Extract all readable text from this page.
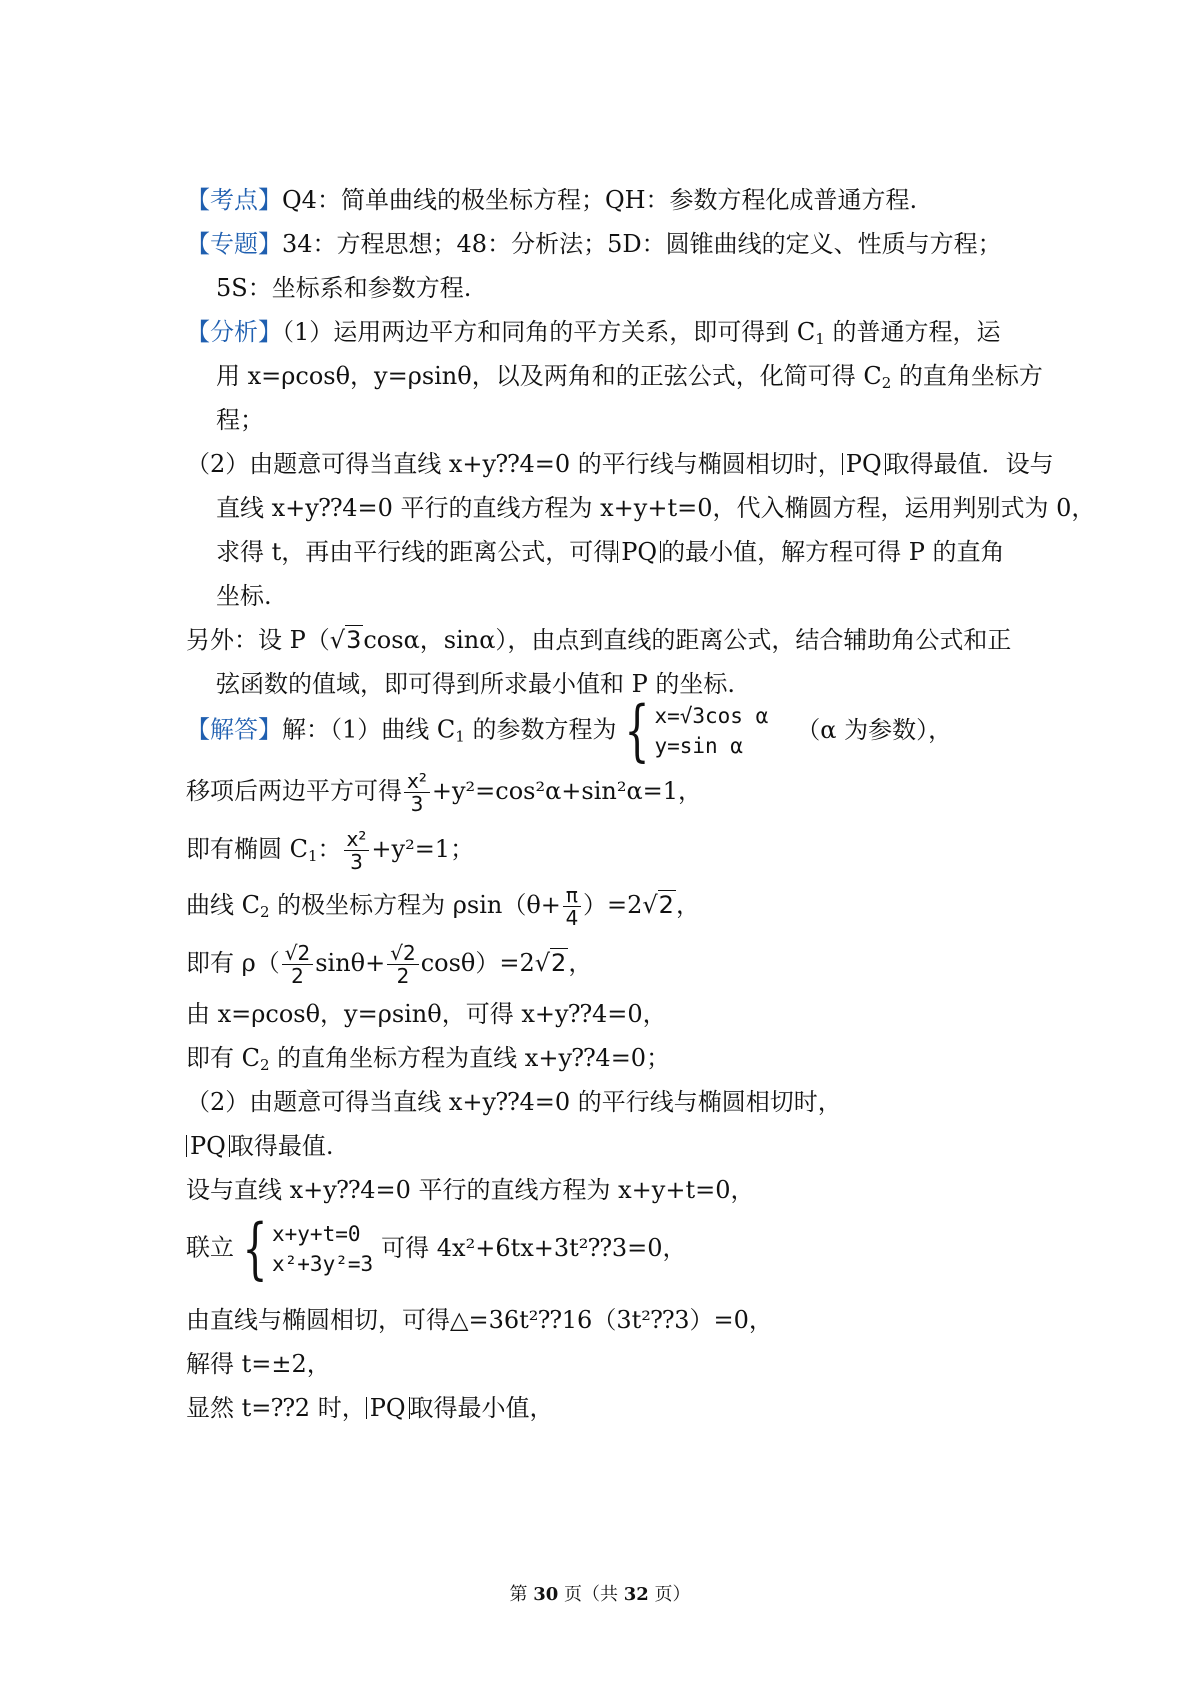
【考点】Q4：简单曲线的极坐标方程；QH：参数方程化成普通方程.
【专题】34：方程思想；48：分析法；5D：圆锥曲线的定义、性质与方程；
5S：坐标系和参数方程.
【分析】（1）运用两边平方和同角的平方关系，即可得到 $C_1$ 的普通方程，运
用 x=ρcosθ，y=ρsinθ，以及两角和的正弦公式，化简可得 $C_2$ 的直角坐标方
程；
（2）由题意可得当直线 x+y⁇4=0 的平行线与椭圆相切时， PQ 取得最值．设与
直线 x+y⁇4=0 平行的直线方程为 x+y+t=0，代入椭圆方程，运用判别式为 0，
求得 t，再由平行线的距离公式，可得 PQ 的最小值，解方程可得 P 的直角
坐标.
另外：设 P（√3cosα，sinα），由点到直线的距离公式，结合辅助角公式和正
弦函数的值域，即可得到所求最小值和 P 的坐标.
【解答】解：（1）曲线 $C_1$ 的参数方程为 { x=√3cos α
y=sin α
（α 为参数），
移项后两边平方可得 $\frac{\text{x²}}{3} +y^2=\cos^2\alpha+\sin^2\alpha=1$，
即有椭圆 $C_1$： $\frac{\text{x²}}{3} +y^2=1$；
曲线 $C_2$ 的极坐标方程为 $\rho\sin(\theta+ \frac{\pi}{4} )=2√2$，
即有 $\rho( \frac{√2}{2} \sin\theta+ \frac{√2}{2} \cos\theta)=2√2$，
由 x=ρcosθ，y=ρsinθ，可得 x+y⁇4=0，
即有 $C_2$ 的直角坐标方程为直线 x+y⁇4=0；
（2）由题意可得当直线 x+y⁇4=0 的平行线与椭圆相切时，
PQ 取得最值.
设与直线 x+y⁇4=0 平行的直线方程为 x+y+t=0，
联立 { x+y+t=0
x²+3y²=3
可得 4x²+6tx+3t²⁇3=0，
由直线与椭圆相切，可得△=36t²⁇16（3t²⁇3）=0，
解得 t=±2，
显然 t=⁇2 时， PQ 取得最小值，
第 30 页（共 32 页）
